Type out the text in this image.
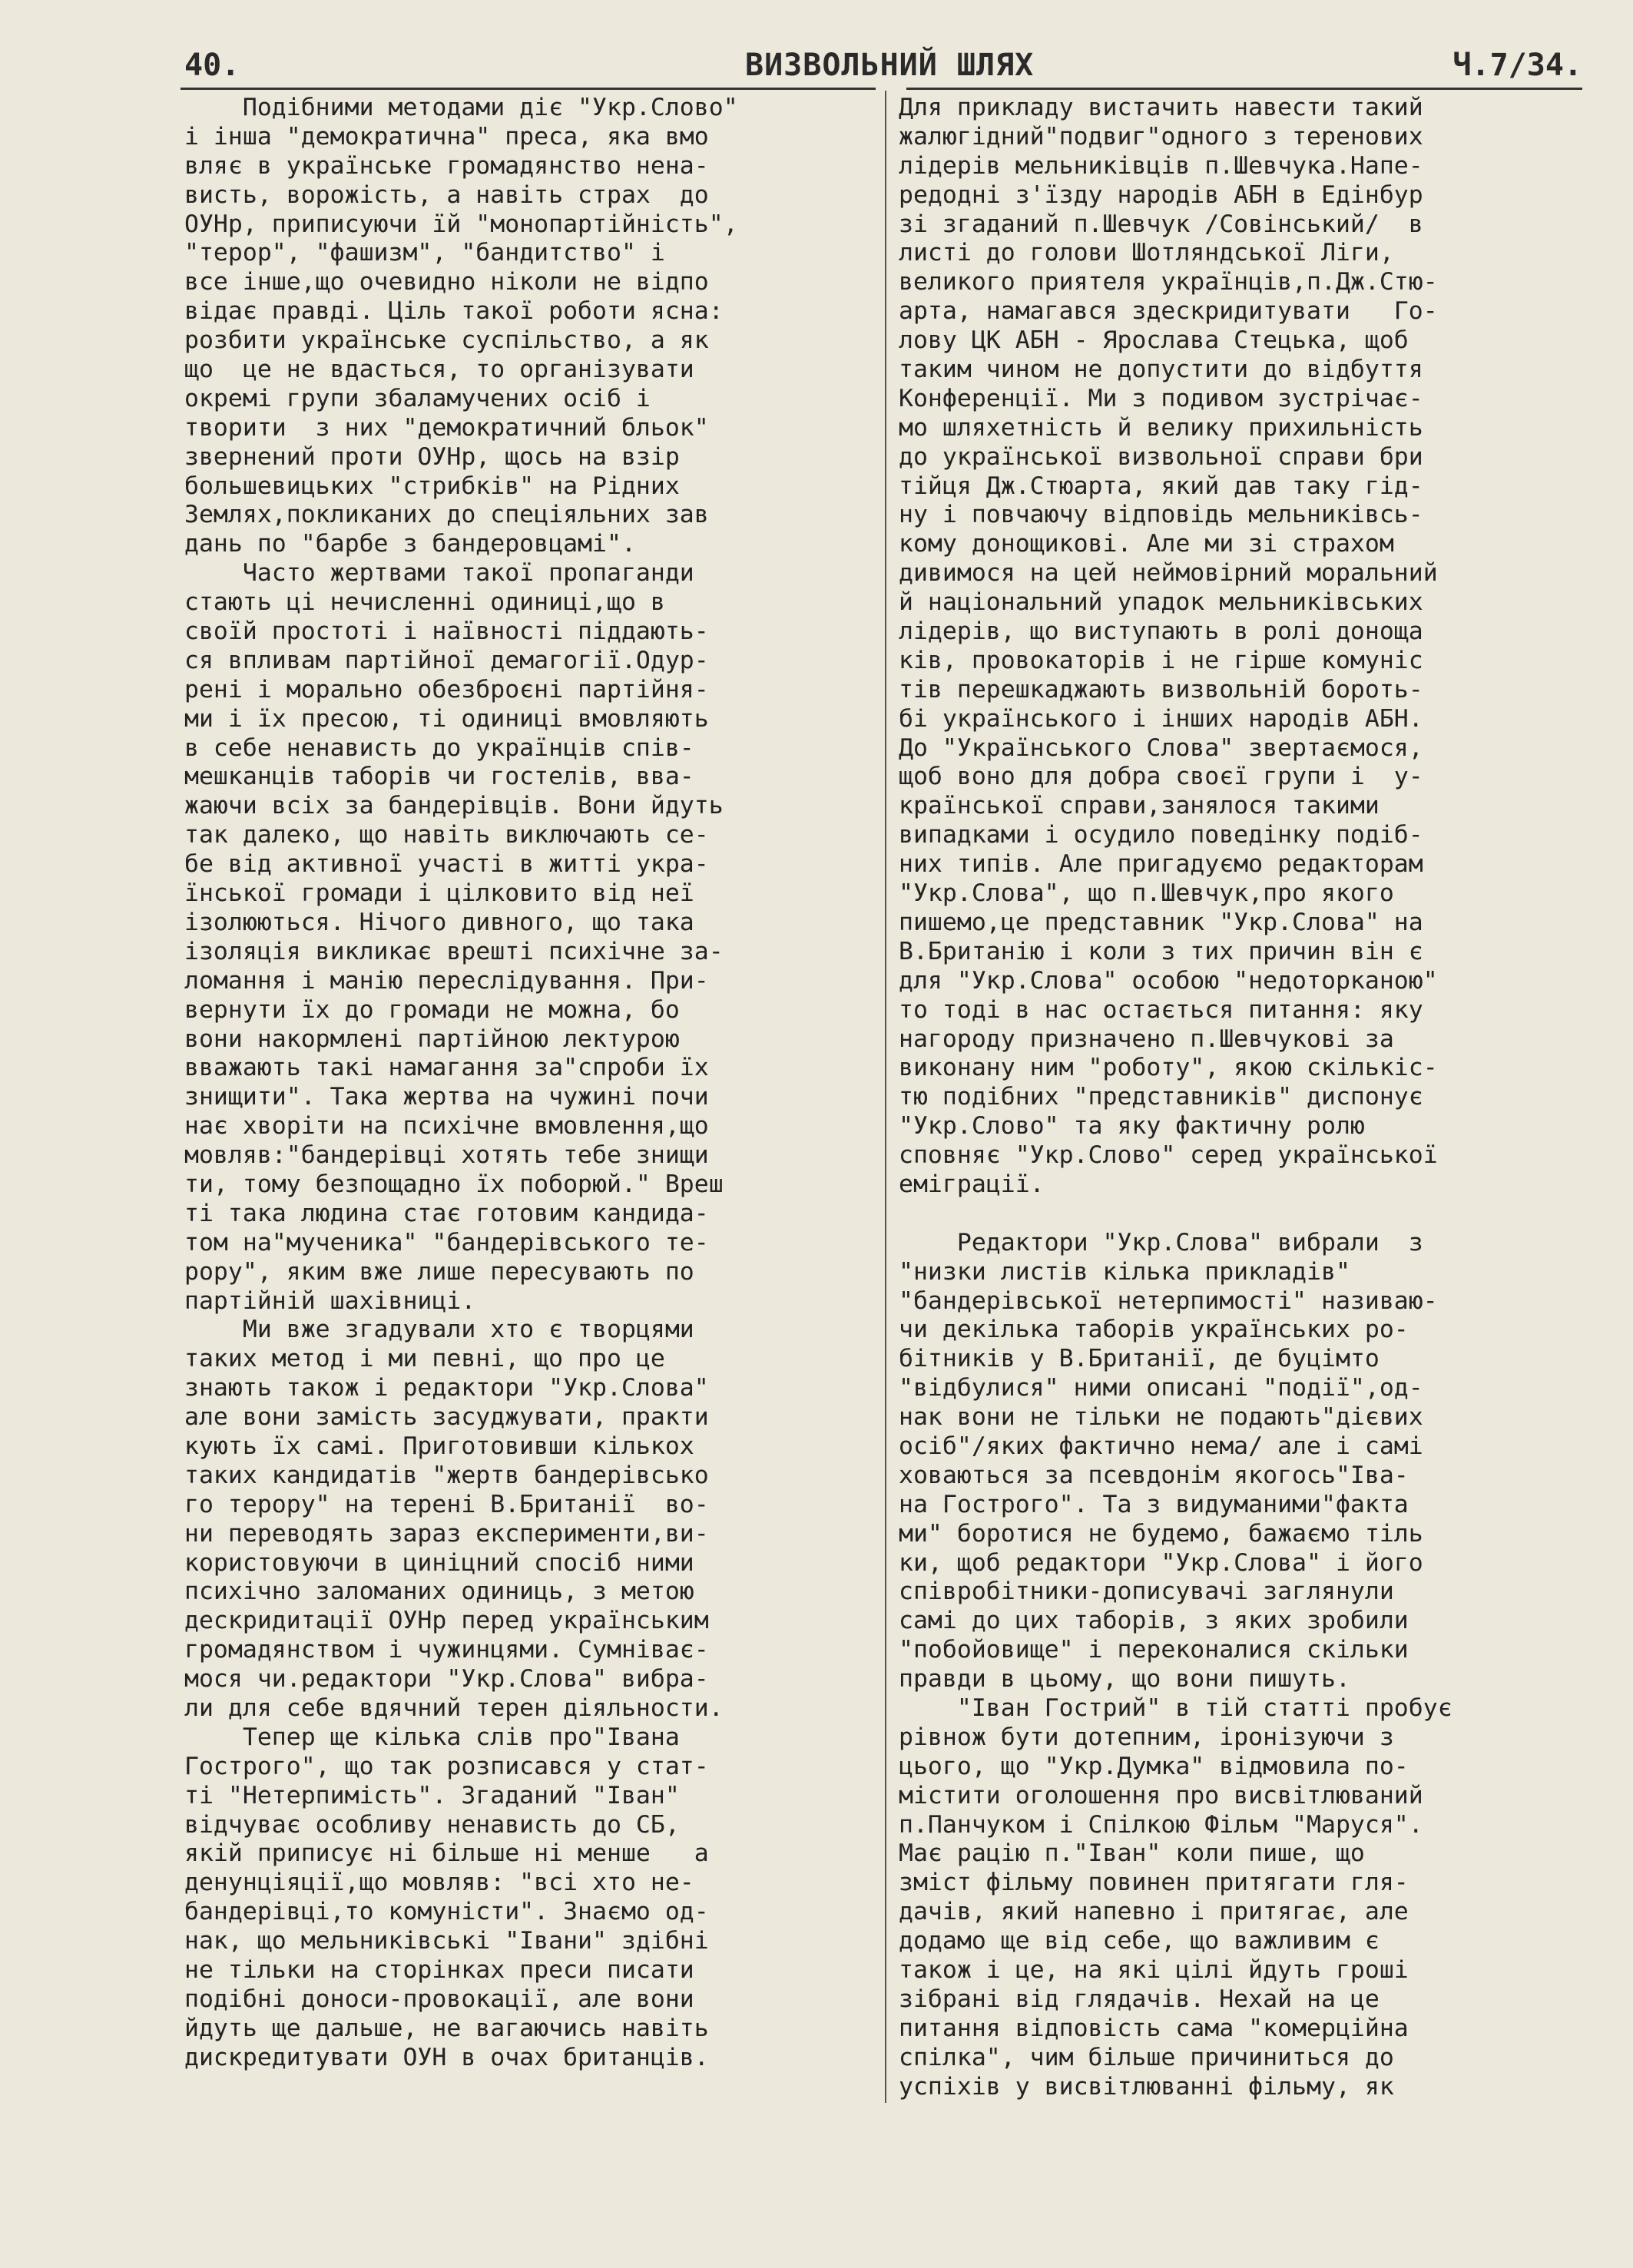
40.	ВИЗВОЛЬНИЙ ШЛЯХ	Ч.7/34.
Подібними методами діє "Укр.Слово"
і інша "демократична" преса, яка вмо
вляє в українське громадянство нена-
висть, ворожість, а навіть страх  до
ОУНр, приписуючи їй "монопартійність",
"терор", "фашизм", "бандитство" і
все інше,що очевидно ніколи не відпо
відає правді. Ціль такої роботи ясна:
розбити українське суспільство, а як
що  це не вдасться, то організувати
окремі групи збаламучених осіб і
творити  з них "демократичний бльок"
звернений проти ОУНр, щось на взір
большевицьких "стрибків" на Рідних
Землях,покликаних до спеціяльних зав
дань по "барбе з бандеровцамі".
Часто жертвами такої пропаганди
стають ці нечисленні одиниці,що в
своїй простоті і наївності піддають-
ся впливам партійної демагогії.Одур-
рені і морально обезброєні партійня-
ми і їх пресою, ті одиниці вмовляють
в себе ненависть до українців спів-
мешканців таборів чи гостелів, вва-
жаючи всіх за бандерівців. Вони йдуть
так далеко, що навіть виключають се-
бе від активної участі в житті укра-
їнської громади і цілковито від неї
ізолюються. Нічого дивного, що така
ізоляція викликає врешті психічне за-
ломання і манію переслідування. При-
вернути їх до громади не можна, бо
вони накормлені партійною лектурою
вважають такі намагання за"спроби їх
знищити". Така жертва на чужині почи
нає хворіти на психічне вмовлення,що
мовляв:"бандерівці хотять тебе знищи
ти, тому безпощадно їх поборюй." Вреш
ті така людина стає готовим кандида-
том на"мученика" "бандерівського те-
рору", яким вже лише пересувають по
партійній шахівниці.
Ми вже згадували хто є творцями
таких метод і ми певні, що про це
знають також і редактори "Укр.Слова"
але вони замість засуджувати, практи
кують їх самі. Приготовивши кількох
таких кандидатів "жертв бандерівсько
го терору" на терені В.Британії  во-
ни переводять зараз експерименти,ви-
користовуючи в циніцний спосіб ними
психічно заломаних одиниць, з метою
дескридитації ОУНр перед українським
громадянством і чужинцями. Сумніває-
мося чи.редактори "Укр.Слова" вибра-
ли для себе вдячний терен діяльности.
Тепер ще кілька слів про"Івана
Гострого", що так розписався у стат-
ті "Нетерпимість". Згаданий "Іван"
відчуває особливу ненависть до СБ,
якій приписує ні більше ні менше   а
денунціяції,що мовляв: "всі хто не-
бандерівці,то комуністи". Знаємо од-
нак, що мельниківські "Івани" здібні
не тільки на сторінках преси писати
подібні доноси-провокації, але вони
йдуть ще дальше, не вагаючись навіть
дискредитувати ОУН в очах британців.
Для прикладу вистачить навести такий
жалюгідний"подвиг"одного з теренових
лідерів мельниківців п.Шевчука.Напе-
редодні з'їзду народів АБН в Едінбур
зі згаданий п.Шевчук /Совінський/  в
листі до голови Шотляндської Ліги,
великого приятеля українців,п.Дж.Стю-
арта, намагався здескридитувати   Го-
лову ЦК АБН - Ярослава Стецька, щоб
таким чином не допустити до відбуття
Конференції. Ми з подивом зустрічає-
мо шляхетність й велику прихильність
до української визвольної справи бри
тійця Дж.Стюарта, який дав таку гід-
ну і повчаючу відповідь мельниківсь-
кому донощикові. Але ми зі страхом
дивимося на цей неймовірний моральний
й національний упадок мельниківських
лідерів, що виступають в ролі доноща
ків, провокаторів і не гірше комуніс
тів перешкаджають визвольній бороть-
бі українського і інших народів АБН.
До "Українського Слова" звертаємося,
щоб воно для добра своєї групи і  у-
країнської справи,занялося такими
випадками і осудило поведінку подіб-
них типів. Але пригадуємо редакторам
"Укр.Слова", що п.Шевчук,про якого
пишемо,це представник "Укр.Слова" на
В.Британію і коли з тих причин він є
для "Укр.Слова" особою "недоторканою"
то тоді в нас остається питання: яку
нагороду призначено п.Шевчукові за
виконану ним "роботу", якою скількіс-
тю подібних "представників" диспонує
"Укр.Слово" та яку фактичну ролю
сповняє "Укр.Слово" серед української
еміграції.
Редактори "Укр.Слова" вибрали  з
"низки листів кілька прикладів"
"бандерівської нетерпимості" називаю-
чи декілька таборів українських ро-
бітників у В.Британії, де буцімто
"відбулися" ними описані "події",од-
нак вони не тільки не подають"дієвих
осіб"/яких фактично нема/ але і самі
ховаються за псевдонім якогось"Іва-
на Гострого". Та з видуманими"факта
ми" боротися не будемо, бажаємо тіль
ки, щоб редактори "Укр.Слова" і його
співробітники-дописувачі заглянули
самі до цих таборів, з яких зробили
"побойовище" і переконалися скільки
правди в цьому, що вони пишуть.
"Іван Гострий" в тій статті пробує
рівнож бути дотепним, іронізуючи з
цього, що "Укр.Думка" відмовила по-
містити оголошення про висвітлюваний
п.Панчуком і Спілкою Фільм "Маруся".
Має рацію п."Іван" коли пише, що
зміст фільму повинен притягати гля-
дачів, який напевно і притягає, але
додамо ще від себе, що важливим є
також і це, на які цілі йдуть гроші
зібрані від глядачів. Нехай на це
питання відповість сама "комерційна
спілка", чим більше причиниться до
успіхів у висвітлюванні фільму, як
